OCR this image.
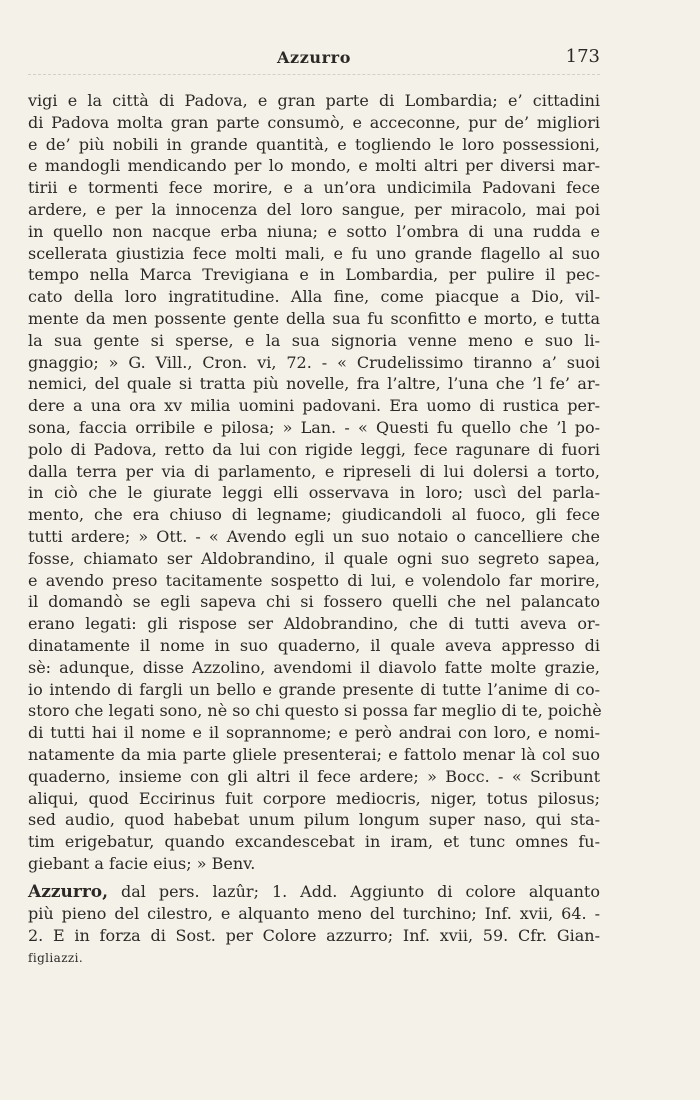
Azzurro	173
vigi e la città di Padova, e gran parte di Lombardia; e’ cittadini
di Padova molta gran parte consumò, e acceconne, pur de’ migliori
e de’ più nobili in grande quantità, e togliendo le loro possessioni,
e mandogli mendicando per lo mondo, e molti altri per diversi mar-
tirii e tormenti fece morire, e a un’ora undicimila Padovani fece
ardere, e per la innocenza del loro sangue, per miracolo, mai poi
in quello non nacque erba niuna; e sotto l’ombra di una rudda e
scellerata giustizia fece molti mali, e fu uno grande flagello al suo
tempo nella Marca Trevigiana e in Lombardia, per pulire il pec-
cato della loro ingratitudine. Alla fine, come piacque a Dio, vil-
mente da men possente gente della sua fu sconfitto e morto, e tutta
la sua gente si sperse, e la sua signoria venne meno e suo li-
gnaggio; » G. Vill., Cron. vi, 72. - « Crudelissimo tiranno a’ suoi
nemici, del quale si tratta più novelle, fra l’altre, l’una che ’l fe’ ar-
dere a una ora xv milia uomini padovani. Era uomo di rustica per-
sona, faccia orribile e pilosa; » Lan. - « Questi fu quello che ’l po-
polo di Padova, retto da lui con rigide leggi, fece ragunare di fuori
dalla terra per via di parlamento, e ripreseli di lui dolersi a torto,
in ciò che le giurate leggi elli osservava in loro; uscì del parla-
mento, che era chiuso di legname; giudicandoli al fuoco, gli fece
tutti ardere; » Ott. - « Avendo egli un suo notaio o cancelliere che
fosse, chiamato ser Aldobrandino, il quale ogni suo segreto sapea,
e avendo preso tacitamente sospetto di lui, e volendolo far morire,
il domandò se egli sapeva chi si fossero quelli che nel palancato
erano legati: gli rispose ser Aldobrandino, che di tutti aveva or-
dinatamente il nome in suo quaderno, il quale aveva appresso di
sè: adunque, disse Azzolino, avendomi il diavolo fatte molte grazie,
io intendo di fargli un bello e grande presente di tutte l’anime di co-
storo che legati sono, nè so chi questo si possa far meglio di te, poichè
di tutti hai il nome e il soprannome; e però andrai con loro, e nomi-
natamente da mia parte gliele presenterai; e fattolo menar là col suo
quaderno, insieme con gli altri il fece ardere; » Bocc. - « Scribunt
aliqui, quod Eccirinus fuit corpore mediocris, niger, totus pilosus;
sed audio, quod habebat unum pilum longum super naso, qui sta-
tim erigebatur, quando excandescebat in iram, et tunc omnes fu-
giebant a facie eius; » Benv.
Azzurro, dal pers. lazûr; 1. Add. Aggiunto di colore alquanto
più pieno del cilestro, e alquanto meno del turchino; Inf. xvii, 64. -
2. E in forza di Sost. per Colore azzurro; Inf. xvii, 59. Cfr. Gian-
figliazzi.
